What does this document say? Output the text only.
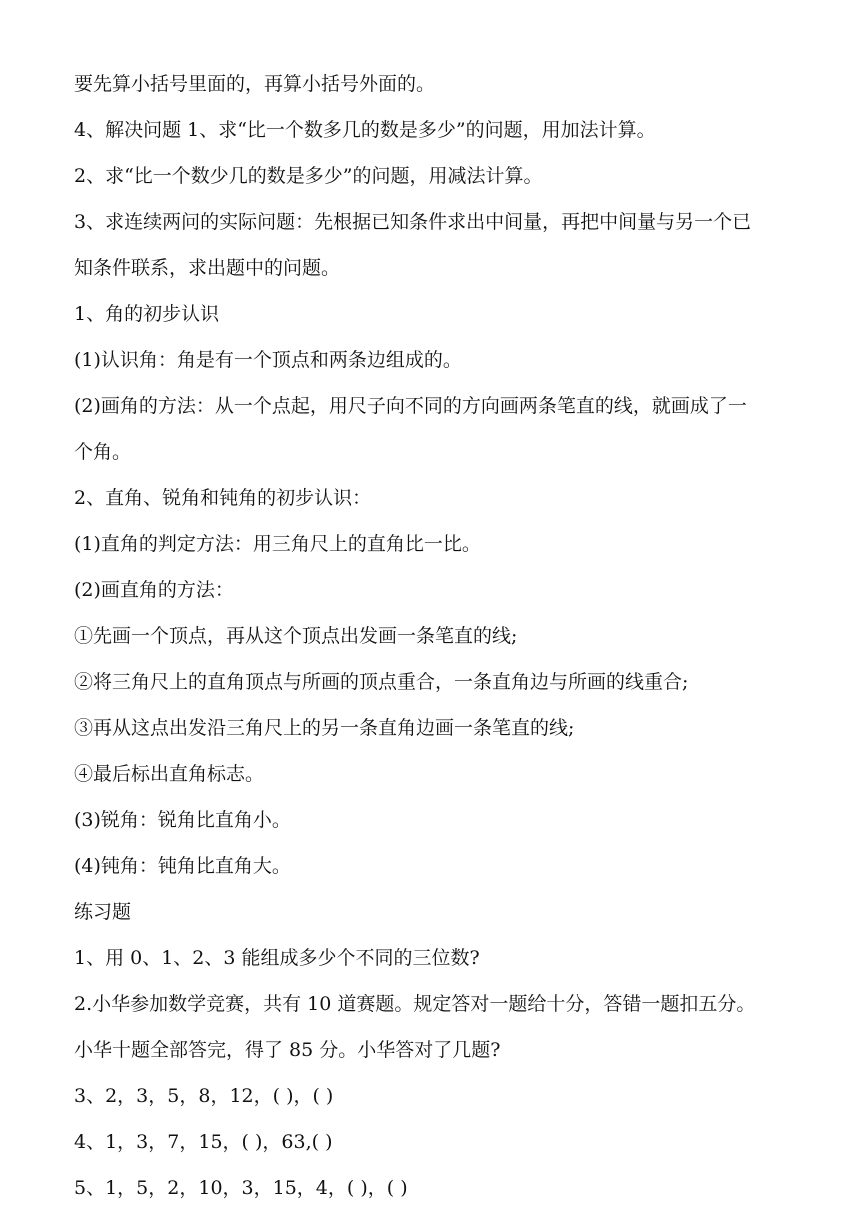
要先算小括号里面的，再算小括号外面的。
4、解决问题 1、求“比一个数多几的数是多少”的问题，用加法计算。
2、求“比一个数少几的数是多少”的问题，用减法计算。
3、求连续两问的实际问题：先根据已知条件求出中间量，再把中间量与另一个已
知条件联系，求出题中的问题。
1、角的初步认识
(1)认识角：角是有一个顶点和两条边组成的。
(2)画角的方法：从一个点起，用尺子向不同的方向画两条笔直的线，就画成了一
个角。
2、直角、锐角和钝角的初步认识：
(1)直角的判定方法：用三角尺上的直角比一比。
(2)画直角的方法：
①先画一个顶点，再从这个顶点出发画一条笔直的线;
②将三角尺上的直角顶点与所画的顶点重合，一条直角边与所画的线重合;
③再从这点出发沿三角尺上的另一条直角边画一条笔直的线;
④最后标出直角标志。
(3)锐角：锐角比直角小。
(4)钝角：钝角比直角大。
练习题
1、用 0、1、2、3 能组成多少个不同的三位数?
2.小华参加数学竞赛，共有 10 道赛题。规定答对一题给十分，答错一题扣五分。
小华十题全部答完，得了 85 分。小华答对了几题?
3、2，3，5，8，12，( )，( )
4、1，3，7，15，( )，63,( )
5、1，5，2，10，3，15，4，( )，( )
